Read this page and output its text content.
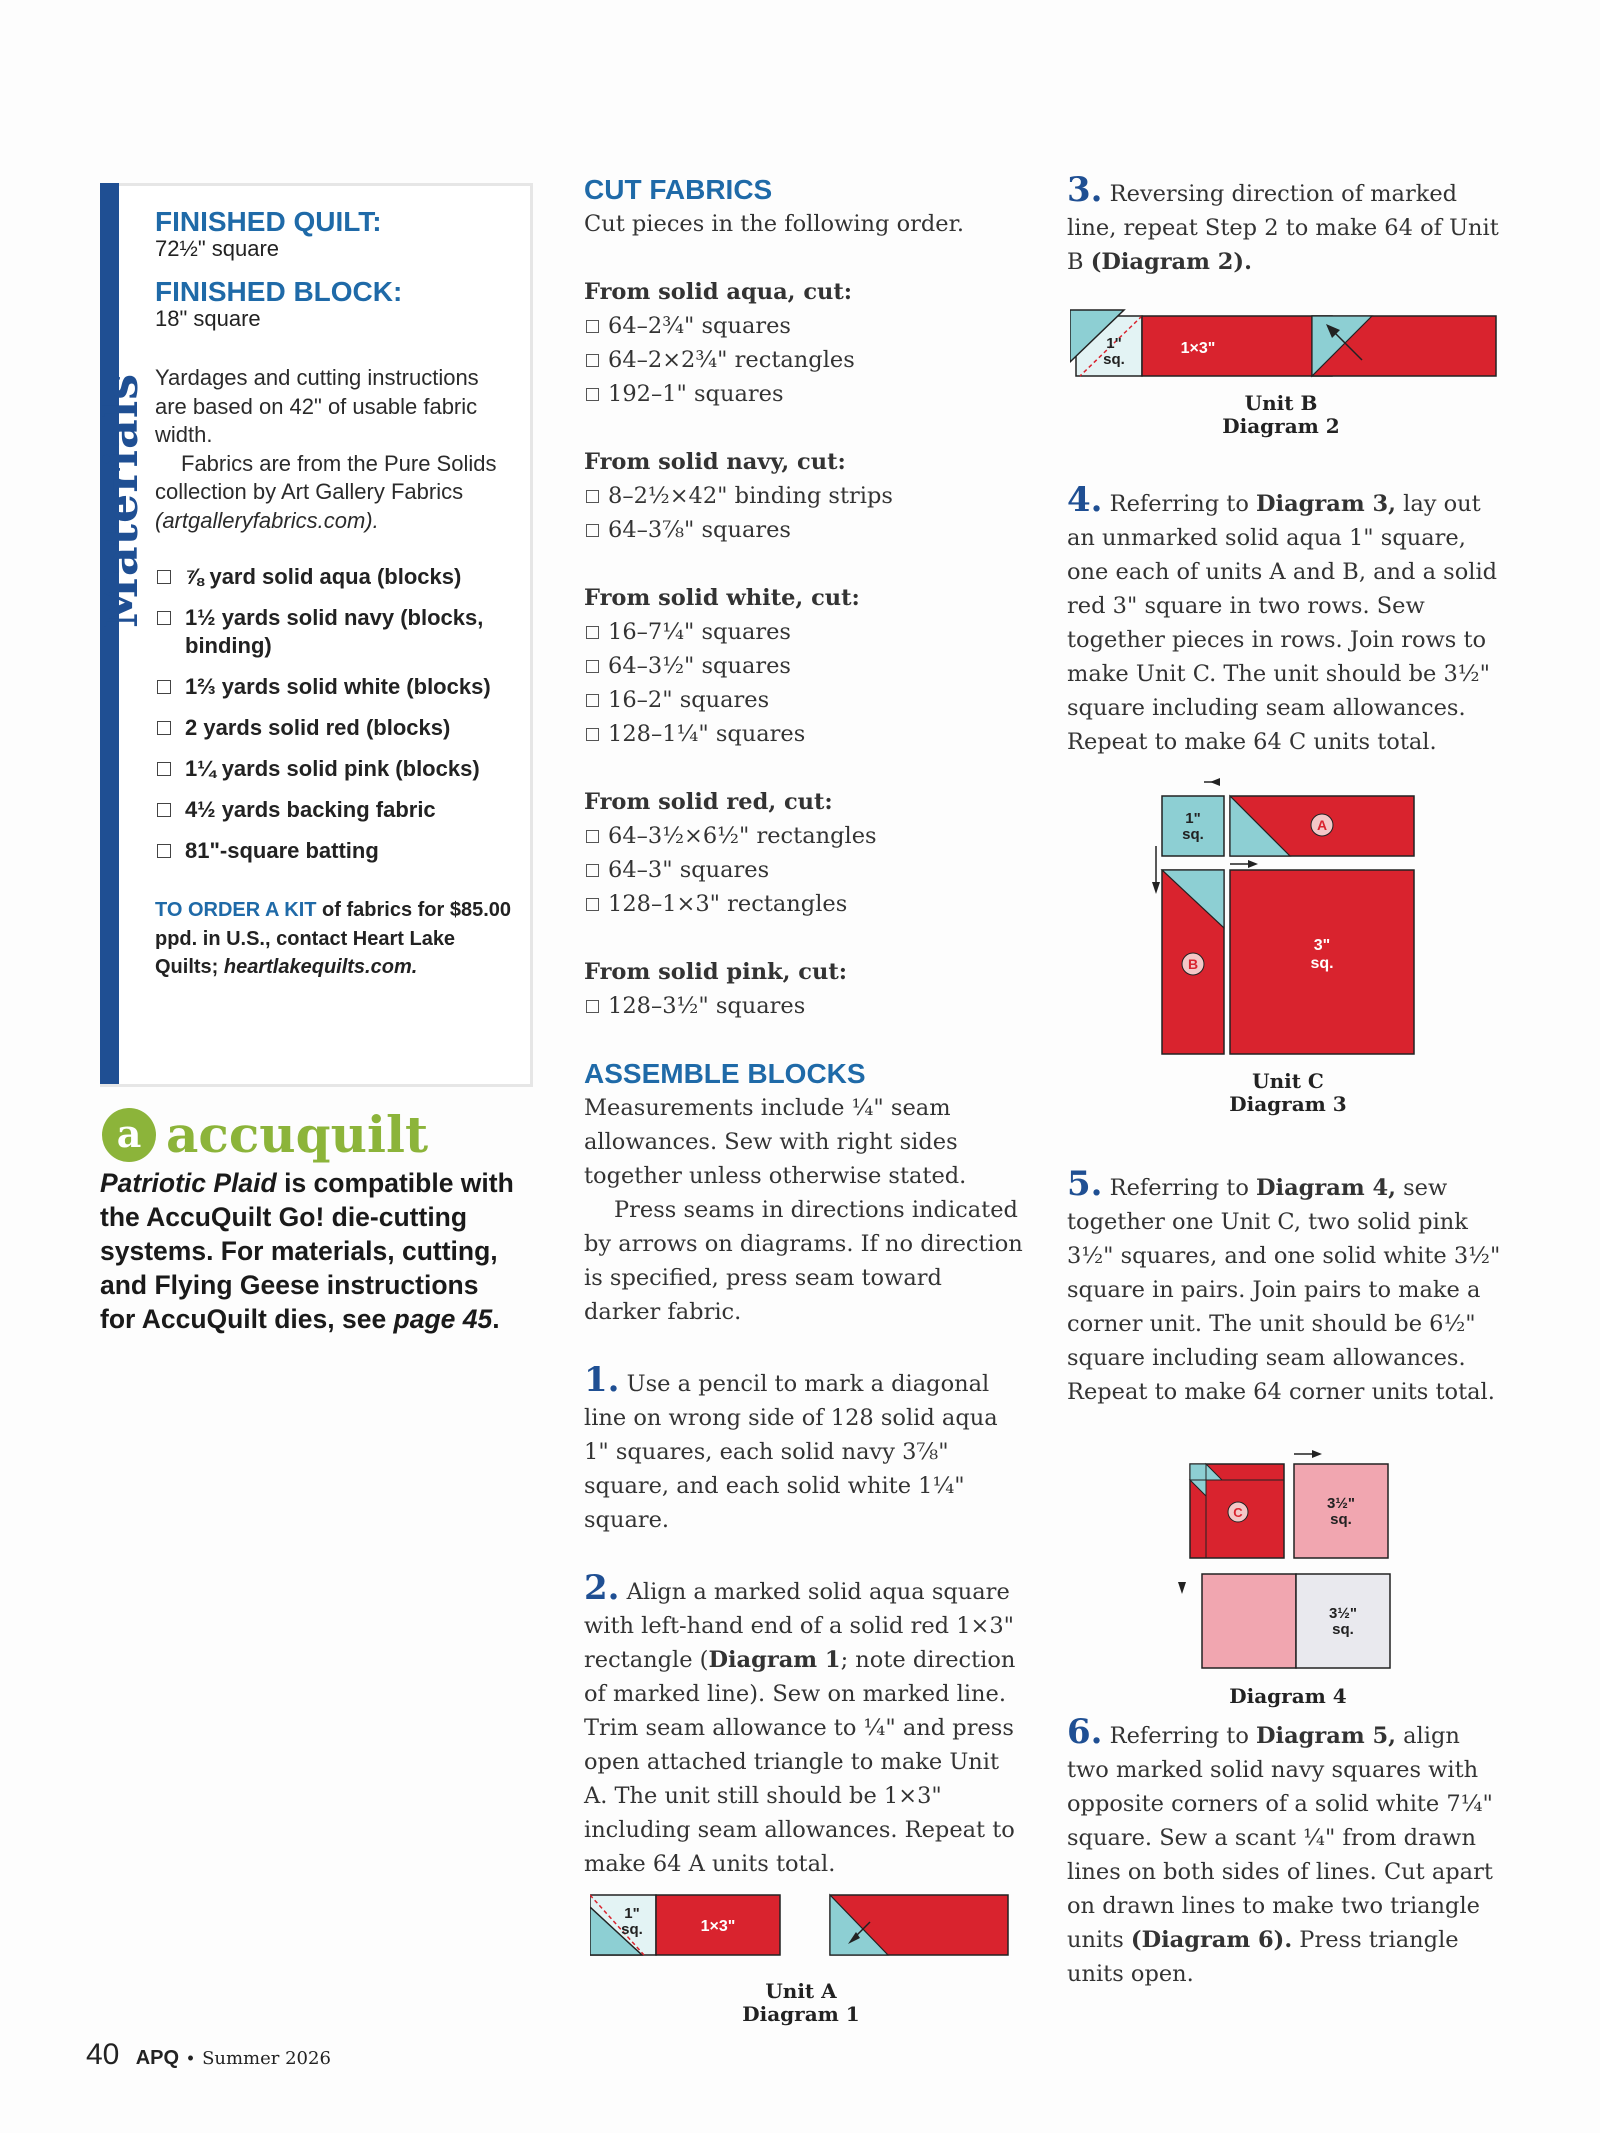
Materials
FINISHED QUILT:
72½" square
FINISHED BLOCK:
18" square
Yardages and cutting instructions are based on 42" of usable fabric width.
Fabrics are from the Pure Solids collection by Art Gallery Fabrics (artgalleryfabrics.com).
⅞ yard solid aqua (blocks)
1½ yards solid navy (blocks, binding)
1⅔ yards solid white (blocks)
2 yards solid red (blocks)
1¼ yards solid pink (blocks)
4½ yards backing fabric
81"-square batting
TO ORDER A KIT of fabrics for $85.00 ppd. in U.S., contact Heart Lake Quilts; heartlakequilts.com.
a accuquilt
Patriotic Plaid is compatible with the AccuQuilt Go! die-cutting systems. For materials, cutting, and Flying Geese instructions for AccuQuilt dies, see page 45.
CUT FABRICS

Cut pieces in the following order.

From solid aqua, cut:
64–2¾" squares
64–2×2¾" rectangles
192–1" squares
From solid navy, cut:
8–2½×42" binding strips
64–3⅞" squares
From solid white, cut:
16–7¼" squares
64–3½" squares
16–2" squares
128–1¼" squares
From solid red, cut:
64–3½×6½" rectangles
64–3" squares
128–1×3" rectangles
From solid pink, cut:
128–3½" squares
ASSEMBLE BLOCKS

Measurements include ¼" seam allowances. Sew with right sides together unless otherwise stated.

Press seams in directions indicated by arrows on diagrams. If no direction is specified, press seam toward darker fabric.

1. Use a pencil to mark a diagonal line on wrong side of 128 solid aqua 1" squares, each solid navy 3⅞" square, and each solid white 1¼" square.

2. Align a marked solid aqua square with left-hand end of a solid red 1×3" rectangle (Diagram 1; note direction of marked line). Sew on marked line. Trim seam allowance to ¼" and press open attached triangle to make Unit A. The unit still should be 1×3" including seam allowances. Repeat to make 64 A units total.

1"
sq.	1×3"
Unit A
Diagram 1

3. Reversing direction of marked line, repeat Step 2 to make 64 of Unit B (Diagram 2).

4. Referring to Diagram 3, lay out an unmarked solid aqua 1" square, one each of units A and B, and a solid red 3" square in two rows. Sew together pieces in rows. Join rows to make Unit C. The unit should be 3½" square including seam allowances. Repeat to make 64 C units total.

5. Referring to Diagram 4, sew together one Unit C, two solid pink 3½" squares, and one solid white 3½" square in pairs. Join pairs to make a corner unit. The unit should be 6½" square including seam allowances. Repeat to make 64 corner units total.

6. Referring to Diagram 5, align two marked solid navy squares with opposite corners of a solid white 7¼" square. Sew a scant ¼" from drawn lines on both sides of lines. Cut apart on drawn lines to make two triangle units (Diagram 6). Press triangle units open.

1"
sq.
1×3"
Unit B
Diagram 2
1"
sq.
A
B
3"
sq.
Unit C
Diagram 3
C
3½"
sq.
3½"
sq.
Diagram 4
40 APQ • Summer 2026
